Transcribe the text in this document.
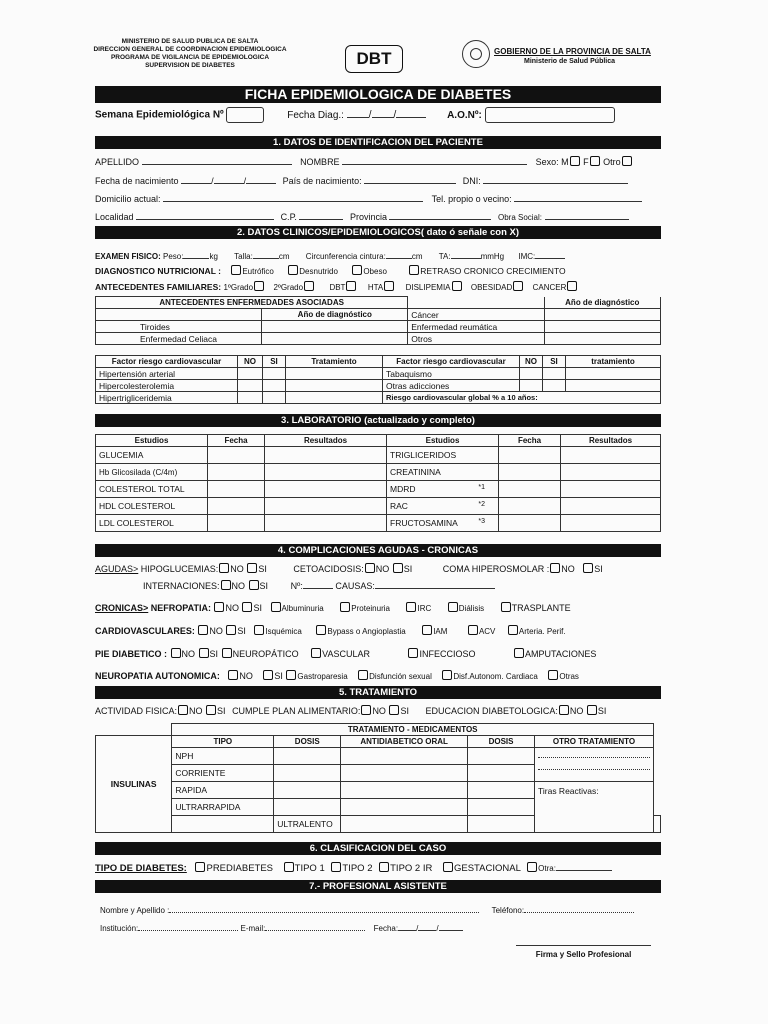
MINISTERIO DE SALUD PUBLICA DE SALTA
DIRECCION GENERAL DE COORDINACION EPIDEMIOLOGICA
PROGRAMA DE VIGILANCIA DE EPIDEMIOLOGICA
SUPERVISION DE DIABETES	DBT	GOBIERNO DE LA PROVINCIA DE SALTA
Ministerio de Salud Pública
FICHA EPIDEMIOLOGICA DE DIABETES
Semana Epidemiológica Nº	Fecha Diag.: / /	A.O.Nº:
1. DATOS DE IDENTIFICACION DEL PACIENTE
APELLIDO	NOMBRE	Sexo: M F Otro
Fecha de nacimiento	/	/	País de nacimiento:	DNI:
Domicilio actual:	Tel. propio o vecino:
Localidad	C.P.	Provincia	Obra Social:
2. DATOS CLINICOS/EPIDEMIOLOGICOS( dato ó señale con X)
EXAMEN FISICO: Peso:	kg Talla:	cm Circunferencia cintura:	cm TA:	mmHg IMC:
DIAGNOSTICO NUTRICIONAL :	Eutrófico	Desnutrido	Obeso	RETRASO CRONICO CRECIMIENTO
ANTECEDENTES FAMILIARES: 1ºGrado	2ºGrado	DBT	HTA	DISLIPEMIA	OBESIDAD	CANCER
ANTECEDENTES ENFERMEDADES ASOCIADAS			Año de diagnóstico
	Año de diagnóstico	Cáncer	
Tiroides		Enfermedad reumática	
Enfermedad Celiaca		Otros	
Factor riesgo cardiovascular	NO	SI	Tratamiento	Factor riesgo cardiovascular	NO	SI	tratamiento
Hipertensión arterial				Tabaquismo			
Hipercolesterolemia				Otras adicciones			
Hipertrigliceridemia				Riesgo cardiovascular global % a 10 años:			
3. LABORATORIO (actualizado y completo)
Estudios	Fecha	Resultados	Estudios	Fecha	Resultados
GLUCEMIA			TRIGLICERIDOS

Hb Glicosilada (C/4m)			CREATININA

COLESTEROL TOTAL			MDRD *1		

HDL COLESTEROL			RAC *2		

LDL COLESTEROL			FRUCTOSAMINA *3		

4. COMPLICACIONES AGUDAS - CRONICAS
AGUDAS> HIPOGLUCEMIAS: NO SI	CETOACIDOSIS: NO SI	COMA HIPEROSMOLAR : NO SI
INTERNACIONES: NO SI	Nº:	CAUSAS:
CRONICAS> NEFROPATIA: NO SI Albuminuria	Proteinuria	IRC	Diálisis	TRASPLANTE
CARDIOVASCULARES: NO SI Isquémica	Bypass o Angioplastia	IAM	ACV	Arteria. Perif.
PIE DIABETICO : NO SI NEUROPÁTICO	VASCULAR	INFECCIOSO	AMPUTACIONES
NEUROPATIA AUTONOMICA: NO SI Gastroparesia	Disfunción sexual	Disf.Autonom. Cardiaca	Otras
5. TRATAMIENTO
ACTIVIDAD FISICA: NO SI CUMPLE PLAN ALIMENTARIO: NO SI EDUCACION DIABETOLOGICA: NO SI
	TRATAMIENTO - MEDICAMENTOS					
INSULINAS	TIPO	DOSIS	ANTIDIABETICO ORAL	DOSIS	OTRO TRATAMIENTO	
	NPH					

	CORRIENTE					
	RAPIDA				Tiras Reactivas:	
	ULTRARRAPIDA					
		ULTRALENTO				
6. CLASIFICACION DEL CASO
TIPO DE DIABETES: PREDIABETES TIPO 1 TIPO 2 TIPO 2 IR GESTACIONAL Otra:
7.- PROFESIONAL ASISTENTE
Nombre y Apellido :	Teléfono:
Institución:	E-mail:	Fecha: / /
Firma y Sello Profesional
